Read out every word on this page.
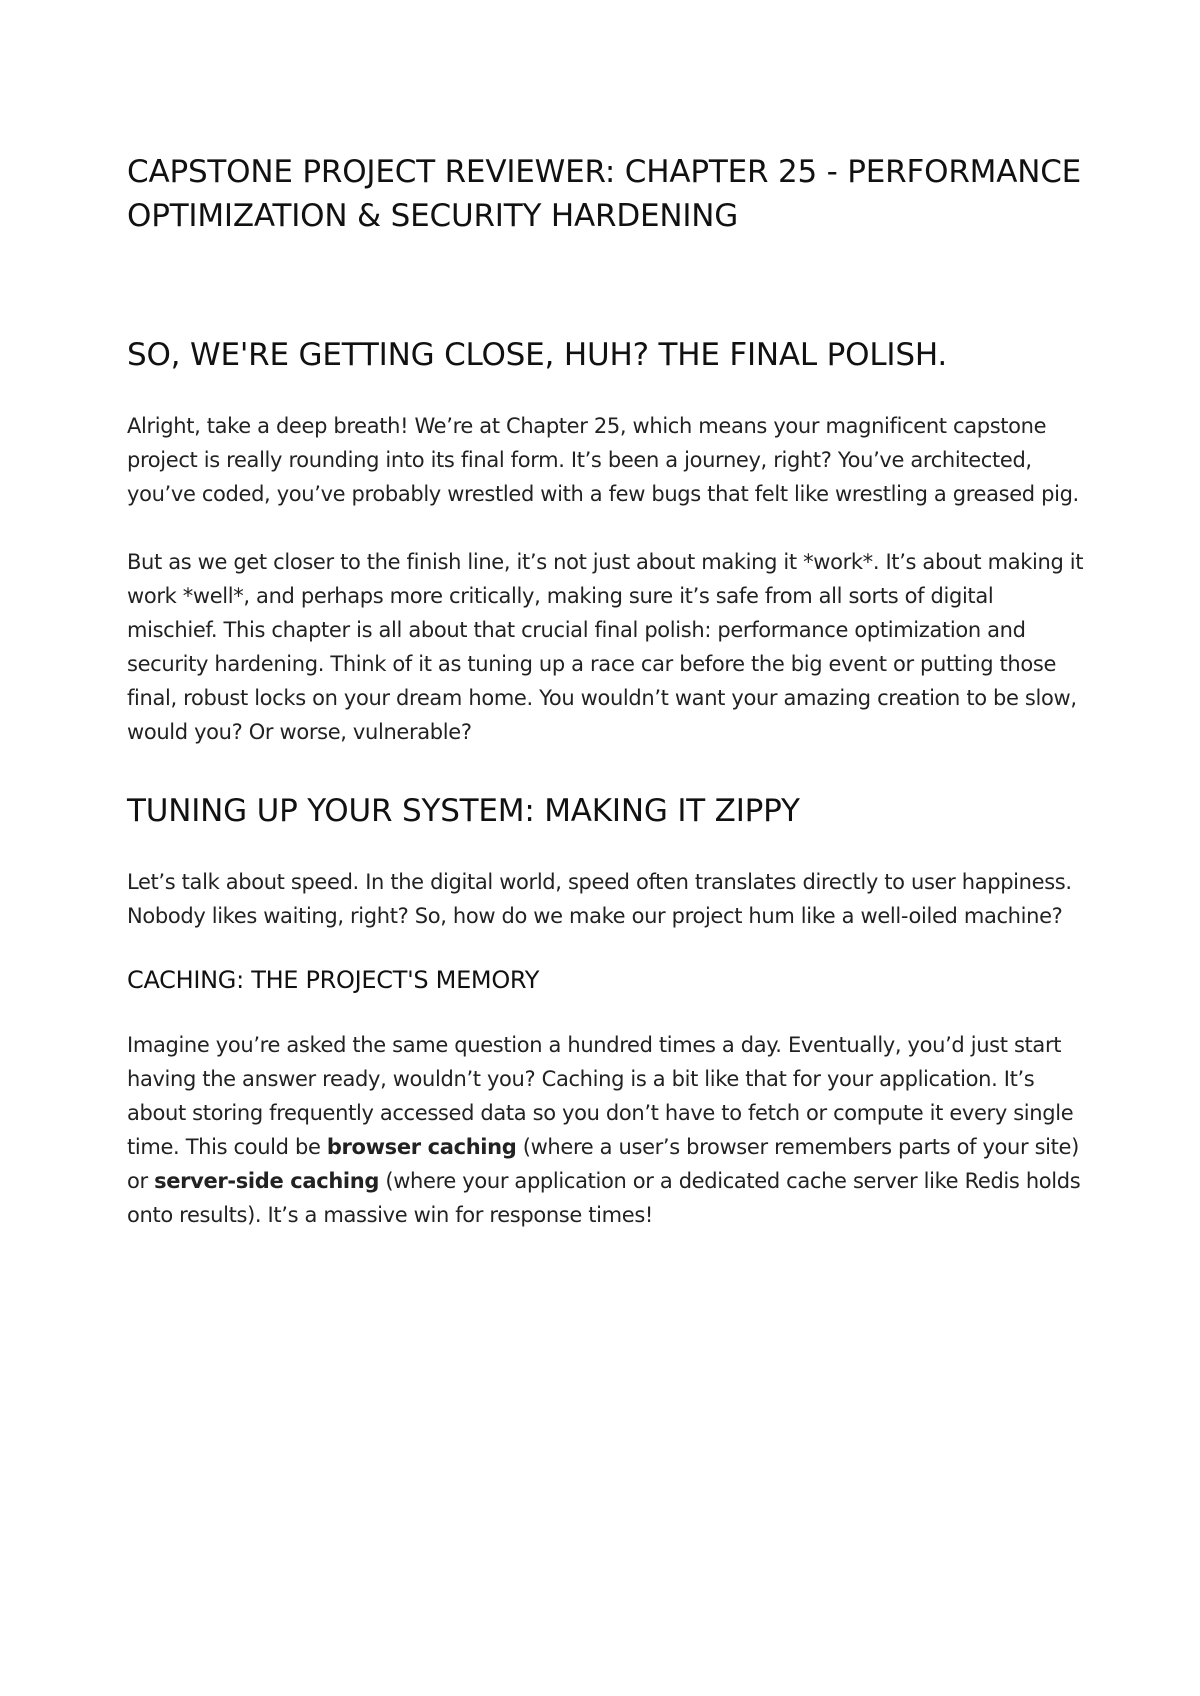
CAPSTONE PROJECT REVIEWER: CHAPTER 25 - PERFORMANCE OPTIMIZATION & SECURITY HARDENING
SO, WE'RE GETTING CLOSE, HUH? THE FINAL POLISH.

Alright, take a deep breath! We’re at Chapter 25, which means your magnificent capstone project is really rounding into its final form. It’s been a journey, right? You’ve architected, you’ve coded, you’ve probably wrestled with a few bugs that felt like wrestling a greased pig.

But as we get closer to the finish line, it’s not just about making it *work*. It’s about making it work *well*, and perhaps more critically, making sure it’s safe from all sorts of digital mischief. This chapter is all about that crucial final polish: performance optimization and security hardening. Think of it as tuning up a race car before the big event or putting those final, robust locks on your dream home. You wouldn’t want your amazing creation to be slow, would you? Or worse, vulnerable?

TUNING UP YOUR SYSTEM: MAKING IT ZIPPY

Let’s talk about speed. In the digital world, speed often translates directly to user happiness. Nobody likes waiting, right? So, how do we make our project hum like a well-oiled machine?

CACHING: THE PROJECT'S MEMORY

Imagine you’re asked the same question a hundred times a day. Eventually, you’d just start having the answer ready, wouldn’t you? Caching is a bit like that for your application. It’s about storing frequently accessed data so you don’t have to fetch or compute it every single time. This could be browser caching (where a user’s browser remembers parts of your site) or server-side caching (where your application or a dedicated cache server like Redis holds onto results). It’s a massive win for response times!
